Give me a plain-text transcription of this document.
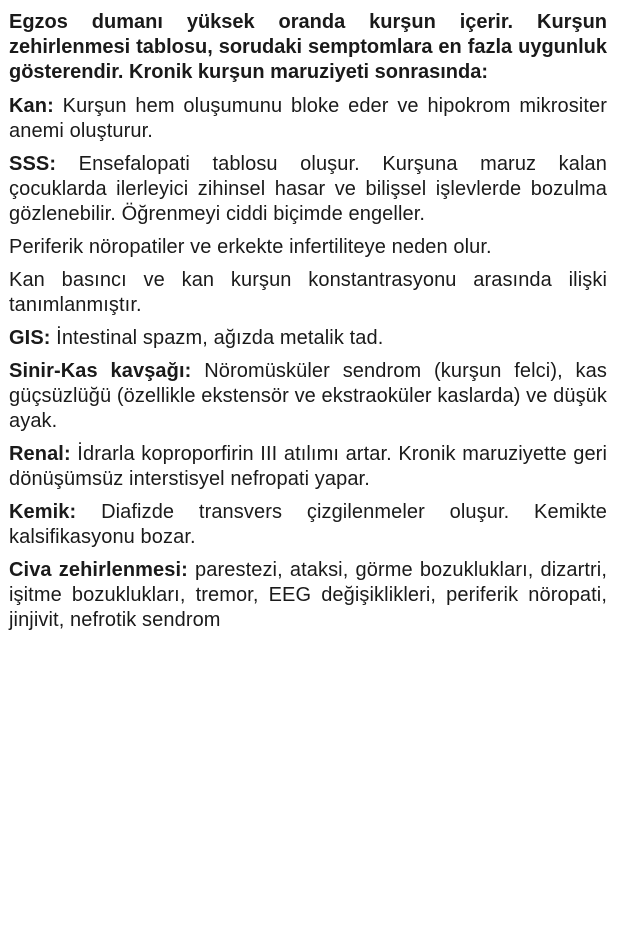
Egzos dumanı yüksek oranda kurşun içerir. Kurşun zehirlenmesi tablosu, sorudaki semptomlara en fazla uygunluk gösterendir. Kronik kurşun maruziyeti sonrasında:

Kan: Kurşun hem oluşumunu bloke eder ve hipokrom mikrositer anemi oluşturur.

SSS: Ensefalopati tablosu oluşur. Kurşuna maruz kalan çocuklarda ilerleyici zihinsel hasar ve bilişsel işlevlerde bozulma gözlenebilir. Öğrenmeyi ciddi biçimde engeller.

Periferik nöropatiler ve erkekte infertiliteye neden olur.

Kan basıncı ve kan kurşun konstantrasyonu arasında ilişki tanımlanmıştır.

GIS: İntestinal spazm, ağızda metalik tad.

Sinir-Kas kavşağı: Nöromüsküler sendrom (kurşun felci), kas güçsüzlüğü (özellikle ekstensör ve ekstraoküler kaslarda) ve düşük ayak.

Renal: İdrarla koproporfirin III atılımı artar. Kronik maruziyette geri dönüşümsüz interstisyel nefropati yapar.

Kemik: Diafizde transvers çizgilenmeler oluşur. Kemikte kalsifikasyonu bozar.

Civa zehirlenmesi: parestezi, ataksi, görme bozuklukları, dizartri, işitme bozuklukları, tremor, EEG değişiklikleri, periferik nöropati, jinjivit, nefrotik sendrom
